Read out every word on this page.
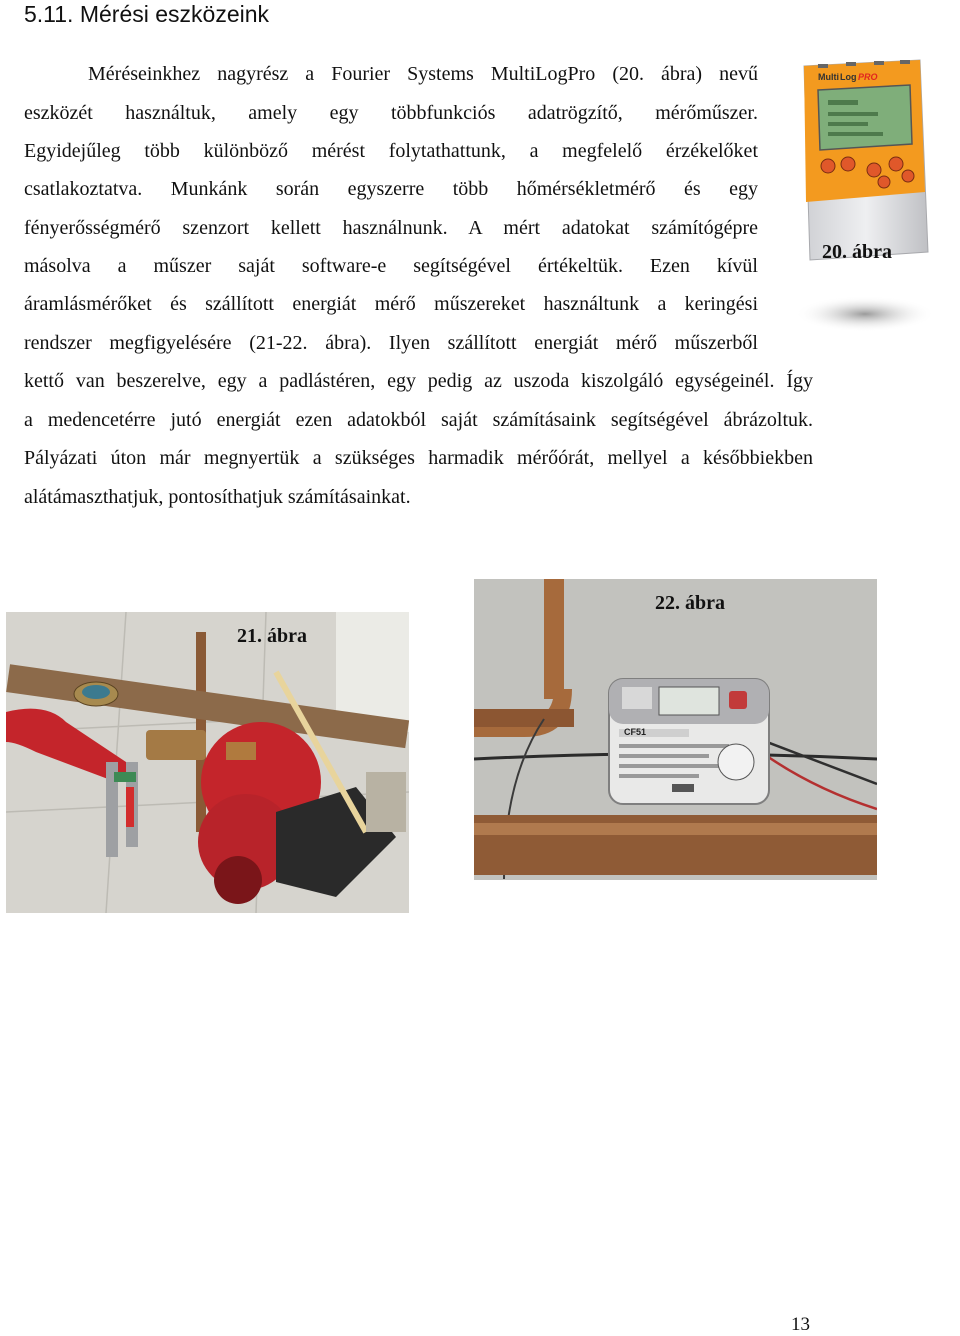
5.11. Mérési eszközeink
Méréseinkhez nagyrész a Fourier Systems MultiLogPro (20. ábra) nevű
eszközét használtuk, amely egy többfunkciós adatrögzítő, mérőműszer.
Egyidejűleg több különböző mérést folytathattunk, a megfelelő érzékelőket
csatlakoztatva. Munkánk során egyszerre több hőmérsékletmérő és egy
fényerősségmérő szenzort kellett használnunk. A mért adatokat számítógépre
másolva a műszer saját software-e segítségével értékeltük. Ezen kívül
áramlásmérőket és szállított energiát mérő műszereket használtunk a keringési
rendszer megfigyelésére (21-22. ábra). Ilyen szállított energiát mérő műszerből
kettő van beszerelve, egy a padlástéren, egy pedig az uszoda kiszolgáló egységeinél. Így
a medencetérre jutó energiát ezen adatokból saját számításaink segítségével ábrázoltuk.
Pályázati úton már megnyertük a szükséges harmadik mérőórát, mellyel a későbbiekben
alátámaszthatjuk, pontosíthatjuk számításainkat.
Multi Log PRO
20. ábra
21. ábra
CF51
22. ábra
13
